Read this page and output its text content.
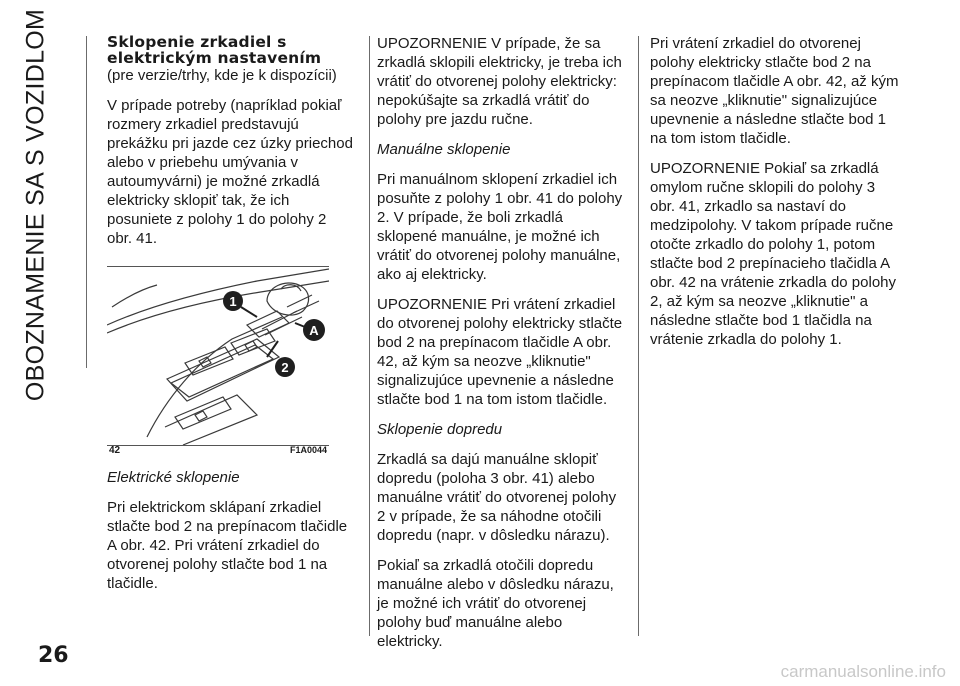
OBOZNAMENIE SA S VOZIDLOM	Sklopenie zrkadiel s
elektrickým nastavením

(pre verzie/trhy, kde je k dispozícii)

V prípade potreby (napríklad pokiaľ rozmery zrkadiel predstavujú prekážku pri jazde cez úzky priechod alebo v priebehu umývania v autoumyvárni) je možné zrkadlá elektricky sklopiť tak, že ich posuniete z polohy 1 do polohy 2 obr. 41.

1
2
A
42	F1A0044

Elektrické sklopenie

Pri elektrickom sklápaní zrkadiel stlačte bod 2 na prepínacom tlačidle A obr. 42. Pri vrátení zrkadiel do otvorenej polohy stlačte bod 1 na tlačidle.

UPOZORNENIE V prípade, že sa zrkadlá sklopili elektricky, je treba ich vrátiť do otvorenej polohy elektricky: nepokúšajte sa zrkadlá vrátiť do polohy pre jazdu ručne.

Manuálne sklopenie

Pri manuálnom sklopení zrkadiel ich posuňte z polohy 1 obr. 41 do polohy 2. V prípade, že boli zrkadlá sklopené manuálne, je možné ich vrátiť do otvorenej polohy manuálne, ako aj elektricky.

UPOZORNENIE Pri vrátení zrkadiel do otvorenej polohy elektricky stlačte bod 2 na prepínacom tlačidle A obr. 42, až kým sa neozve „kliknutie" signalizujúce upevnenie a následne stlačte bod 1 na tom istom tlačidle.

Sklopenie dopredu

Zrkadlá sa dajú manuálne sklopiť dopredu (poloha 3 obr. 41) alebo manuálne vrátiť do otvorenej polohy 2 v prípade, že sa náhodne otočili dopredu (napr. v dôsledku nárazu).

Pokiaľ sa zrkadlá otočili dopredu manuálne alebo v dôsledku nárazu, je možné ich vrátiť do otvorenej polohy buď manuálne alebo elektricky.

Pri vrátení zrkadiel do otvorenej polohy elektricky stlačte bod 2 na prepínacom tlačidle A obr. 42, až kým sa neozve „kliknutie" signalizujúce upevnenie a následne stlačte bod 1 na tom istom tlačidle.

UPOZORNENIE Pokiaľ sa zrkadlá omylom ručne sklopili do polohy 3 obr. 41, zrkadlo sa nastaví do medzipolohy. V takom prípade ručne otočte zrkadlo do polohy 1, potom stlačte bod 2 prepínacieho tlačidla A obr. 42 na vrátenie zrkadla do polohy 2, až kým sa neozve „kliknutie" a následne stlačte bod 1 tlačidla na vrátenie zrkadla do polohy 1.

26
carmanualsonline.info
